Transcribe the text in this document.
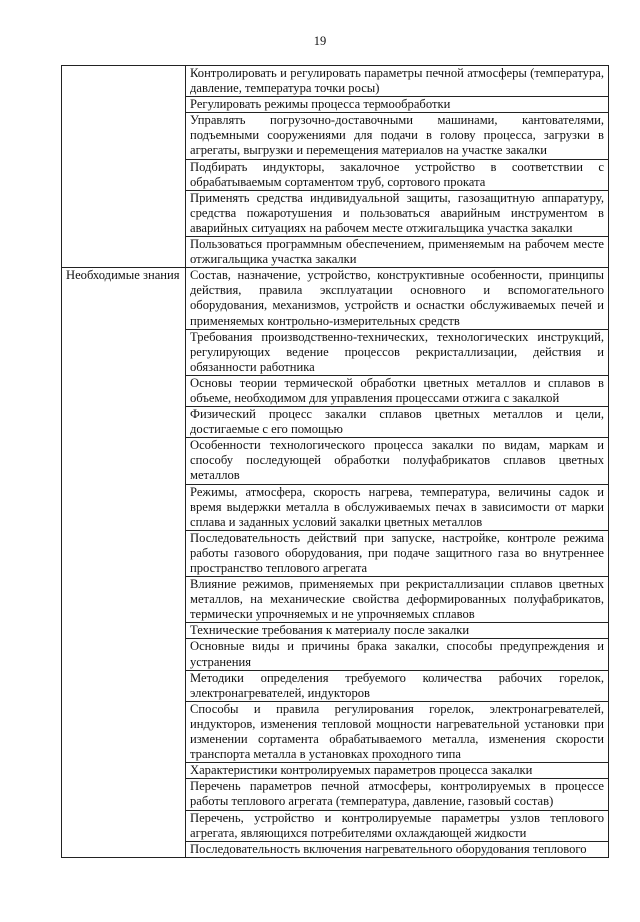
19
	Контролировать и регулировать параметры печной атмосферы (температура, давление, температура точки росы)
	Регулировать режимы процесса термообработки
	Управлять погрузочно-доставочными машинами, кантователями, подъемными сооружениями для подачи в голову процесса, загрузки в агрегаты, выгрузки и перемещения материалов на участке закалки
	Подбирать индукторы, закалочное устройство в соответствии с обрабатываемым сортаментом труб, сортового проката
	Применять средства индивидуальной защиты, газозащитную аппаратуру, средства пожаротушения и пользоваться аварийным инструментом в аварийных ситуациях на рабочем месте отжигальщика участка закалки
	Пользоваться программным обеспечением, применяемым на рабочем месте отжигальщика участка закалки
Необходимые знания	Состав, назначение, устройство, конструктивные особенности, принципы действия, правила эксплуатации основного и вспомогательного оборудования, механизмов, устройств и оснастки обслуживаемых печей и применяемых контрольно-измерительных средств
	Требования производственно-технических, технологических инструкций, регулирующих ведение процессов рекристаллизации, действия и обязанности работника
	Основы теории термической обработки цветных металлов и сплавов в объеме, необходимом для управления процессами отжига с закалкой
	Физический процесс закалки сплавов цветных металлов и цели, достигаемые с его помощью
	Особенности технологического процесса закалки по видам, маркам и способу последующей обработки полуфабрикатов сплавов цветных металлов
	Режимы, атмосфера, скорость нагрева, температура, величины садок и время выдержки металла в обслуживаемых печах в зависимости от марки сплава и заданных условий закалки цветных металлов
	Последовательность действий при запуске, настройке, контроле режима работы газового оборудования, при подаче защитного газа во внутреннее пространство теплового агрегата
	Влияние режимов, применяемых при рекристаллизации сплавов цветных металлов, на механические свойства деформированных полуфабрикатов, термически упрочняемых и не упрочняемых сплавов
	Технические требования к материалу после закалки
	Основные виды и причины брака закалки, способы предупреждения и устранения
	Методики определения требуемого количества рабочих горелок, электронагревателей, индукторов
	Способы и правила регулирования горелок, электронагревателей, индукторов, изменения тепловой мощности нагревательной установки при изменении сортамента обрабатываемого металла, изменения скорости транспорта металла в установках проходного типа
	Характеристики контролируемых параметров процесса закалки
	Перечень параметров печной атмосферы, контролируемых в процессе работы теплового агрегата (температура, давление, газовый состав)
	Перечень, устройство и контролируемые параметры узлов теплового агрегата, являющихся потребителями охлаждающей жидкости
	Последовательность включения нагревательного оборудования теплового
